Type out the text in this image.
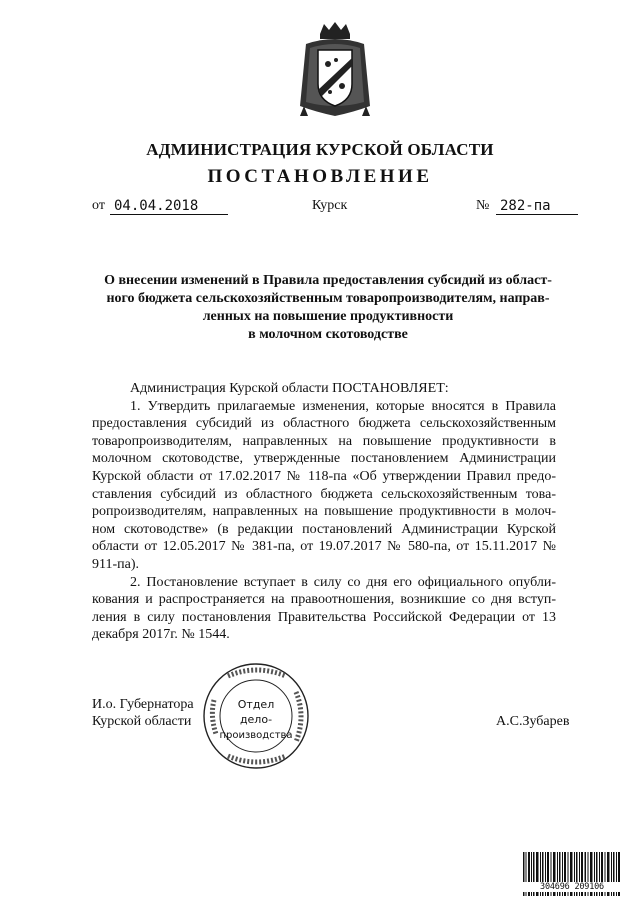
АДМИНИСТРАЦИЯ КУРСКОЙ ОБЛАСТИ
ПОСТАНОВЛЕНИЕ
от 04.04.2018	Курск	№ 282-па
О внесении изменений в Правила предоставления субсидий из област-
ного бюджета сельскохозяйственным товаропроизводителям, направ-
ленных на повышение продуктивности
в молочном скотоводстве

Администрация Курской области ПОСТАНОВЛЯЕТ:

1. Утвердить прилагаемые изменения, которые вносятся в Правила предоставления субсидий из областного бюджета сельскохозяйственным товаропроизводителям, направленных на повышение продуктивности в молочном скотоводстве, утвержденные постановлением Администрации Курской области от 17.02.2017 № 118-па «Об утверждении Правил предо-ставления субсидий из областного бюджета сельскохозяйственным това-ропроизводителям, направленных на повышение продуктивности в молоч-ном скотоводстве» (в редакции постановлений Администрации Курской области от 12.05.2017 № 381-па, от 19.07.2017 № 580-па, от 15.11.2017 № 911-па).

2. Постановление вступает в силу со дня его официального опубли-кования и распространяется на правоотношения, возникшие со дня вступ-ления в силу постановления Правительства Российской Федерации от 13 декабря 2017г. № 1544.

И.о. Губернатора
Курской области	А.С.Зубарев
Отдел
дело-
производства
304696 209106
